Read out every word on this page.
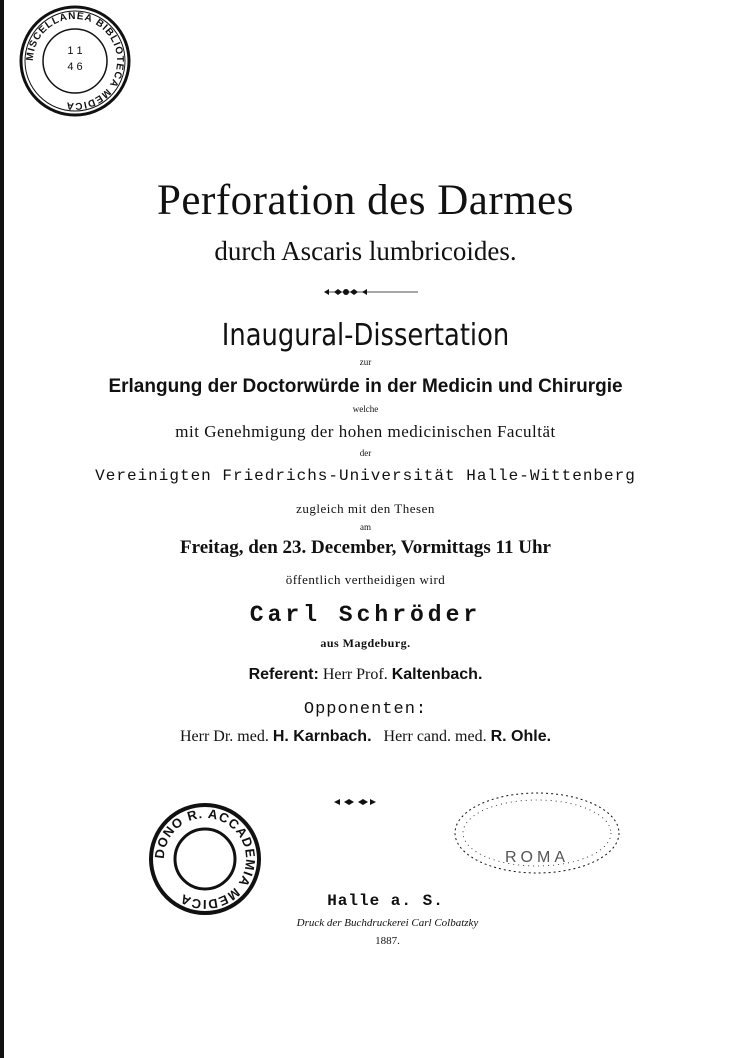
MISCELLANEA BIBLIOTECA MEDICA
1 1
4 6
Perforation des Darmes
durch Ascaris lumbricoides.
Inaugural-Dissertation
zur
Erlangung der Doctorwürde in der Medicin und Chirurgie
welche
mit Genehmigung der hohen medicinischen Facultät
der
Vereinigten Friedrichs-Universität Halle-Wittenberg
zugleich mit den Thesen
am
Freitag, den 23. December, Vormittags 11 Uhr
öffentlich vertheidigen wird
Carl Schröder
aus Magdeburg.
Referent: Herr Prof. Kaltenbach.
Opponenten:
Herr Dr. med. H. Karnbach. Herr cand. med. R. Ohle.
ROMA
DONO R. ACCADEMIA MEDICA	Halle a. S.
Druck der Buchdruckerei Carl Colbatzky
1887.
